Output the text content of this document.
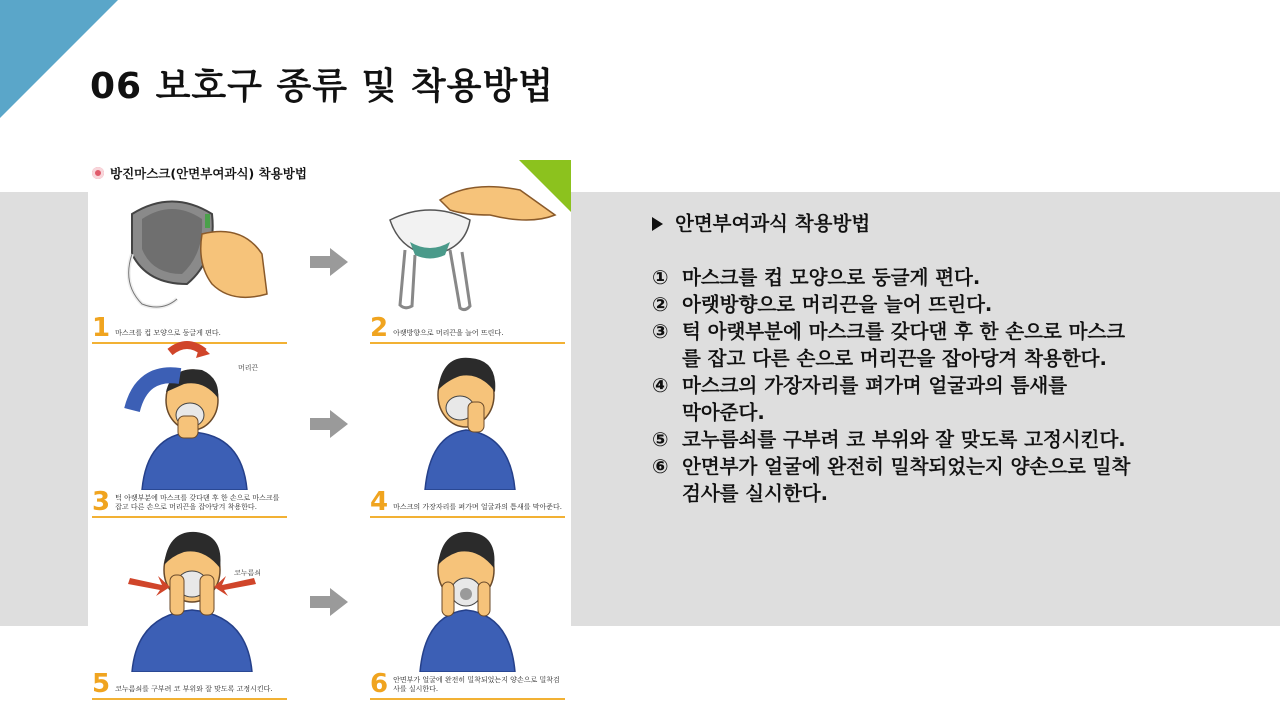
06 보호구 종류 및 착용방법
방진마스크(안면부여과식) 착용방법
1 마스크를 컵 모양으로 둥글게 편다.	2 아랫방향으로 머리끈을 늘어 뜨린다.
3 턱 아랫부분에 마스크를 갖다댄 후 한 손으로 마스크를 잡고 다른 손으로 머리끈을 잡아당겨 착용한다.
머리끈
4 마스크의 가장자리를 펴가며 얼굴과의 틈새를 막아준다.
5 코누름쇠를 구부려 코 부위와 잘 맞도록 고정시킨다.
코누름쇠
6 안면부가 얼굴에 완전히 밀착되었는지 양손으로 밀착검사를 실시한다.
안면부여과식 착용방법
① 마스크를 컵 모양으로 둥글게 편다.
② 아랫방향으로 머리끈을 늘어 뜨린다.
③ 턱 아랫부분에 마스크를 갖다댄 후 한 손으로 마스크
를 잡고 다른 손으로 머리끈을 잡아당겨 착용한다.
④ 마스크의 가장자리를 펴가며 얼굴과의 틈새를
막아준다.
⑤ 코누름쇠를 구부려 코 부위와 잘 맞도록 고정시킨다.
⑥ 안면부가 얼굴에 완전히 밀착되었는지 양손으로 밀착
검사를 실시한다.
